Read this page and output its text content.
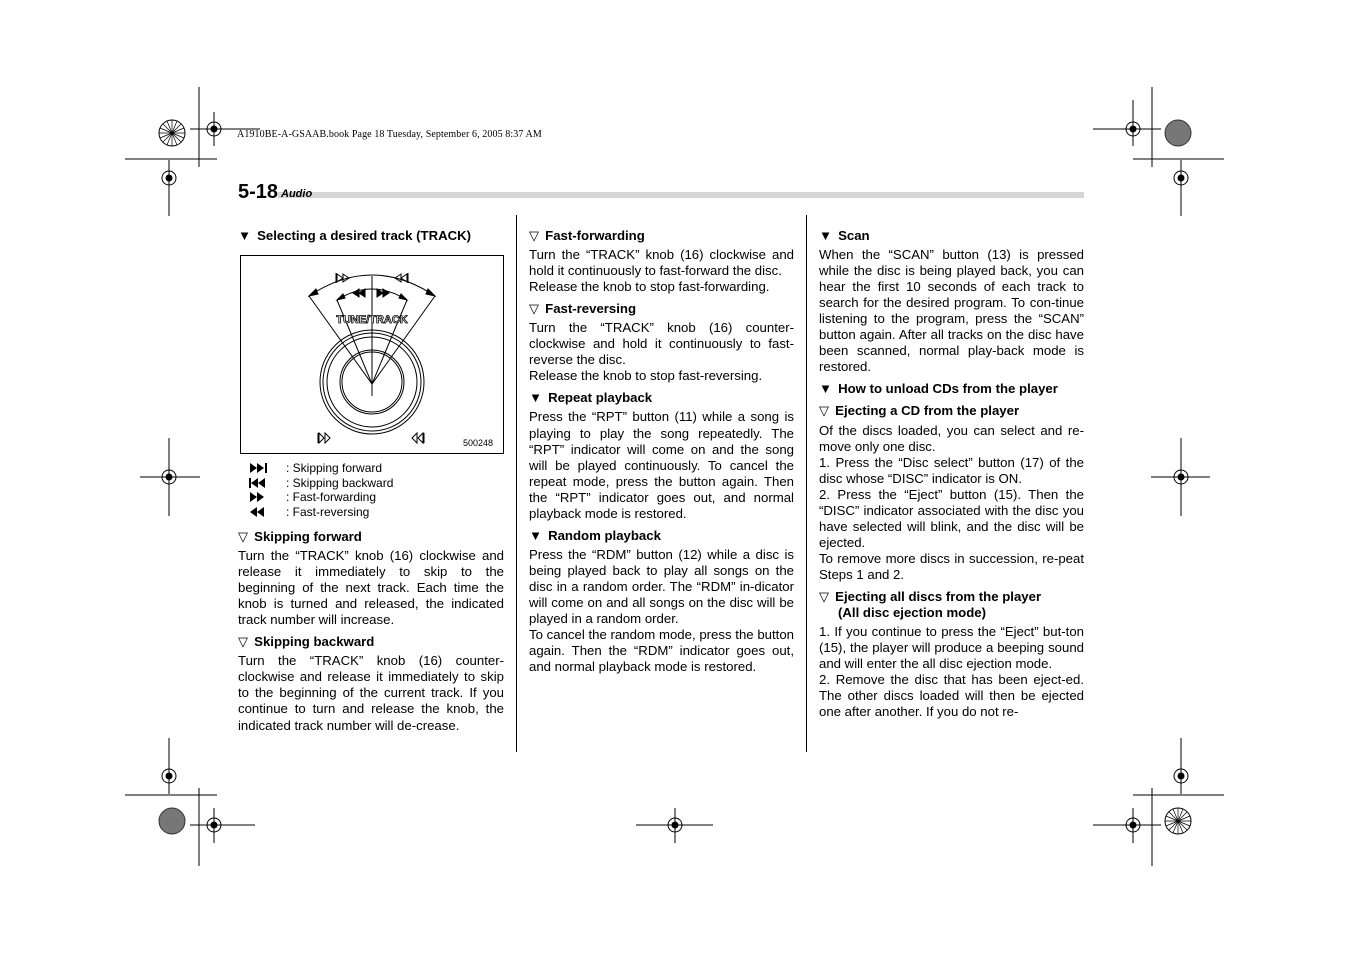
A1910BE-A-GSAAB.book Page 18 Tuesday, September 6, 2005 8:37 AM
5-18 Audio
▼ Selecting a desired track (TRACK)
TUNE/TRACK
500248
: Skipping forward
: Skipping backward
: Fast-forwarding
: Fast-reversing
▽ Skipping forward

Turn the “TRACK” knob (16) clockwise and release it immediately to skip to the beginning of the next track. Each time the knob is turned and released, the indicated track number will increase.

▽ Skipping backward

Turn the “TRACK” knob (16) counter-clockwise and release it immediately to skip to the beginning of the current track. If you continue to turn and release the knob, the indicated track number will de-crease.

▽ Fast-forwarding

Turn the “TRACK” knob (16) clockwise and hold it continuously to fast-forward the disc.

Release the knob to stop fast-forwarding.

▽ Fast-reversing

Turn the “TRACK” knob (16) counter-clockwise and hold it continuously to fast-reverse the disc.

Release the knob to stop fast-reversing.

▼ Repeat playback

Press the “RPT” button (11) while a song is playing to play the song repeatedly. The “RPT” indicator will come on and the song will be played continuously. To cancel the repeat mode, press the button again. Then the “RPT” indicator goes out, and normal playback mode is restored.

▼ Random playback

Press the “RDM” button (12) while a disc is being played back to play all songs on the disc in a random order. The “RDM” in-dicator will come on and all songs on the disc will be played in a random order.

To cancel the random mode, press the button again. Then the “RDM” indicator goes out, and normal playback mode is restored.

▼ Scan

When the “SCAN” button (13) is pressed while the disc is being played back, you can hear the first 10 seconds of each track to search for the desired program. To con-tinue listening to the program, press the “SCAN” button again. After all tracks on the disc have been scanned, normal play-back mode is restored.

▼ How to unload CDs from the player
▽ Ejecting a CD from the player

Of the discs loaded, you can select and re-move only one disc.

1. Press the “Disc select” button (17) of the disc whose “DISC” indicator is ON.

2. Press the “Eject” button (15). Then the “DISC” indicator associated with the disc you have selected will blink, and the disc will be ejected.

To remove more discs in succession, re-peat Steps 1 and 2.

▽ Ejecting all discs from the player
(All disc ejection mode)

1. If you continue to press the “Eject” but-ton (15), the player will produce a beeping sound and will enter the all disc ejection mode.

2. Remove the disc that has been eject-ed. The other discs loaded will then be ejected one after another. If you do not re-
